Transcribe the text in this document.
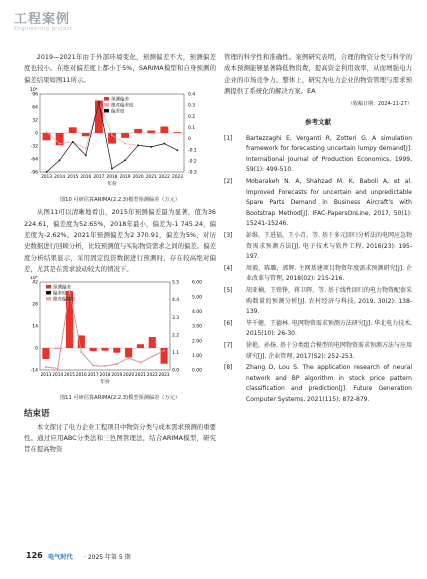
工程案例
Engineering project

2019—2021年由于外部环境变化，预测偏差不大，预测偏差度也较小。在绝对偏差度上都小于5%，SARIMA模型和自身预测的偏差结果如图11所示。

10⁴
96
64
32
0
-32
-64
-96
0.4
0.3
0.2
0.1
0
-0.1
-0.2
-0.3
2013 2014 2015 2016 2017 2018 2019 2020 2021 2022 2023
年份
预测偏差
绝对偏差度
偏差度
图10 可研估算ARIMA(2,2,3)模型预测偏差（万元）

从图11可以清晰地看出，2015年预测偏差最为显著，值为36 224.61，偏差度为52.65%，2018年最小，偏差为-1 745.24，偏差度为-2.62%。2021年预测偏差为2 370.91，偏差为5%，对历史数据进行回顾分析，比较预测值与实际物资需求之间的偏差。偏差度分析结果显示，采用固定投资数据进行预测时，存在较高绝对偏差，尤其是在需求波动较大的情况下。

10⁴
42
28
14
0
-14
5.5
4.4
3.3
2.2
1.1
0.0
6.00
5.00
4.00
3.00
2.00
1.00
0.00
2013 2014 2015 2016 2017 2018 2019 2020 2021 2022 2023
年份
预测偏差
偏差度
绝对偏差度
图11 可研估算ARIMA(2,2,3)模型预测偏差（万元）
结束语

本文探讨了电力企业工程项目中物资分类与成本需求预测的重要性。通过应用ABC分类法和三色图管理法，结合ARIMA模型，研究旨在提高物资

管理的科学性和准确性。案例研究表明，合理的物资分类与科学的成本预测能够显著降低物资费，提高资金利用效率，从而增强电力企业的市场竞争力。整体上，研究为电力企业的物资管理与需求预测提供了系统化的解决方案。EA

（收稿日期：2024-11-27）
参考文献
[1]	Bartezzaghi E, Verganti R, Zotteri G. A simulation framework for forecasting uncertain lumpy demand[J]. International Journal of Production Economics, 1999, 59(1): 499-510.
[2]	Mobarakeh N. A, Shahzad M. K, Baboli A, et al. Improved Forecasts for uncertain and unpredictable Spare Parts Demand in Business Aircraft's with Bootstrap Method[J]. IFAC-PapersOnLine, 2017, 50(1): 15241-15246.
[3]	彭维，王进福，王小青，等. 基于多元回归分析法的电网应急物资需求预测方法[J]. 电子技术与软件工程, 2016(23): 195-197.
[4]	周毅，陈璐，郭辉. 主网基建项目物资年度需求预测研究[J]. 企业改革与管理, 2018(02): 215-216.
[5]	胡亚楠，王铁铮，蒋卫晖，等. 基于线性回归的电力物资配套采购数量的预测分析[J]. 农村经济与科技, 2019, 30(2): 138-139.
[6]	毕千健，王德林. 电网物资需求预测方法研究[J]. 华北电力技术, 2015(10): 26-30.
[7]	徐艳，孙扬. 基于分类组合模型的电网物资需求预测方法与应用研究[J]. 企业管理, 2017(S2): 252-253.
[8]	Zhang D, Lou S. The application research of neural network and BP algorithm in stock price pattern classification and prediction[J]. Future Generation Computer Systems, 2021(115): 872-879.
126 电气时代 · 2025 年第 5 期
